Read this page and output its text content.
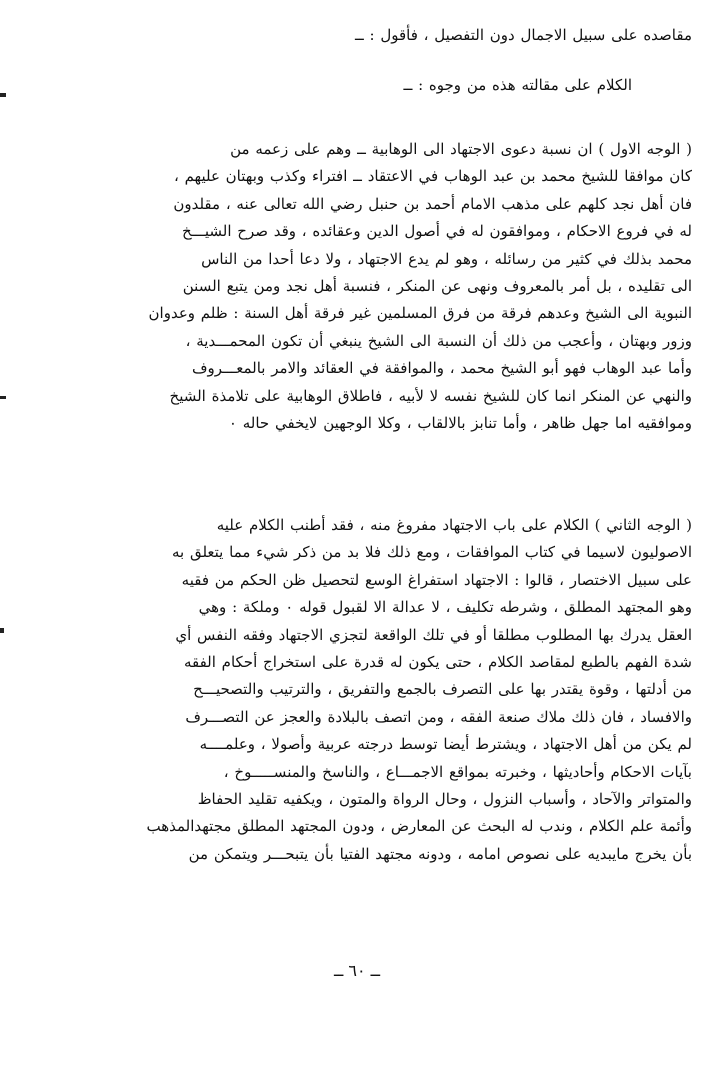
مقاصده على سبيل الاجمال دون التفصيل ، فأقول : ــ
الكلام على مقالته هذه من وجوه : ــ
( الوجه الاول ) ان نسبة دعوى الاجتهاد الى الوهابية ــ وهم على زعمه من
كان موافقا للشيخ محمد بن عبد الوهاب في الاعتقاد ــ افتراء وكذب وبهتان عليهم ،
فان أهل نجد كلهم على مذهب الامام أحمد بن حنبل رضي الله تعالى عنه ، مقلدون
له في فروع الاحكام ، وموافقون له في أصول الدين وعقائده ، وقد صرح الشيـــخ
محمد بذلك في كثير من رسائله ، وهو لم يدع الاجتهاد ، ولا دعا أحدا من الناس
الى تقليده ، بل أمر بالمعروف ونهى عن المنكر ، فنسبة أهل نجد ومن يتبع السنن
النبوية الى الشيخ وعدهم فرقة من فرق المسلمين غير فرقة أهل السنة : ظلم وعدوان
وزور وبهتان ، وأعجب من ذلك أن النسبة الى الشيخ ينبغي أن تكون المحمـــدية ،
وأما عبد الوهاب فهو أبو الشيخ محمد ، والموافقة في العقائد والامر بالمعـــروف
والنهي عن المنكر انما كان للشيخ نفسه لا لأبيه ، فاطلاق الوهابية على تلامذة الشيخ
وموافقيه اما جهل ظاهر ، وأما تنابز بالالقاب ، وكلا الوجهين لايخفي حاله ٠
( الوجه الثاني ) الكلام على باب الاجتهاد مفروغ منه ، فقد أطنب الكلام عليه
الاصوليون لاسيما في كتاب الموافقات ، ومع ذلك فلا بد من ذكر شيء مما يتعلق به
على سبيل الاختصار ، قالوا : الاجتهاد استفراغ الوسع لتحصيل ظن الحكم من فقيه
وهو المجتهد المطلق ، وشرطه تكليف ، لا عدالة الا لقبول قوله ٠ وملكة : وهي
العقل يدرك بها المطلوب مطلقا أو في تلك الواقعة لتجزي الاجتهاد وفقه النفس أي
شدة الفهم بالطبع لمقاصد الكلام ، حتى يكون له قدرة على استخراج أحكام الفقه
من أدلتها ، وقوة يقتدر بها على التصرف بالجمع والتفريق ، والترتيب والتصحيـــح
والافساد ، فان ذلك ملاك صنعة الفقه ، ومن اتصف بالبلادة والعجز عن التصـــرف
لم يكن من أهل الاجتهاد ، ويشترط أيضا توسط درجته عربية وأصولا ، وعلمــــه
بآيات الاحكام وأحاديثها ، وخبرته بمواقع الاجمـــاع ، والناسخ والمنســـــوخ ،
والمتواتر والآحاد ، وأسباب النزول ، وحال الرواة والمتون ، ويكفيه تقليد الحفاظ
وأئمة علم الكلام ، وندب له البحث عن المعارض ، ودون المجتهد المطلق مجتهدالمذهب
بأن يخرج مايبديه على نصوص امامه ، ودونه مجتهد الفتيا بأن يتبحـــر ويتمكن من
ــ ٦٠ ــ
